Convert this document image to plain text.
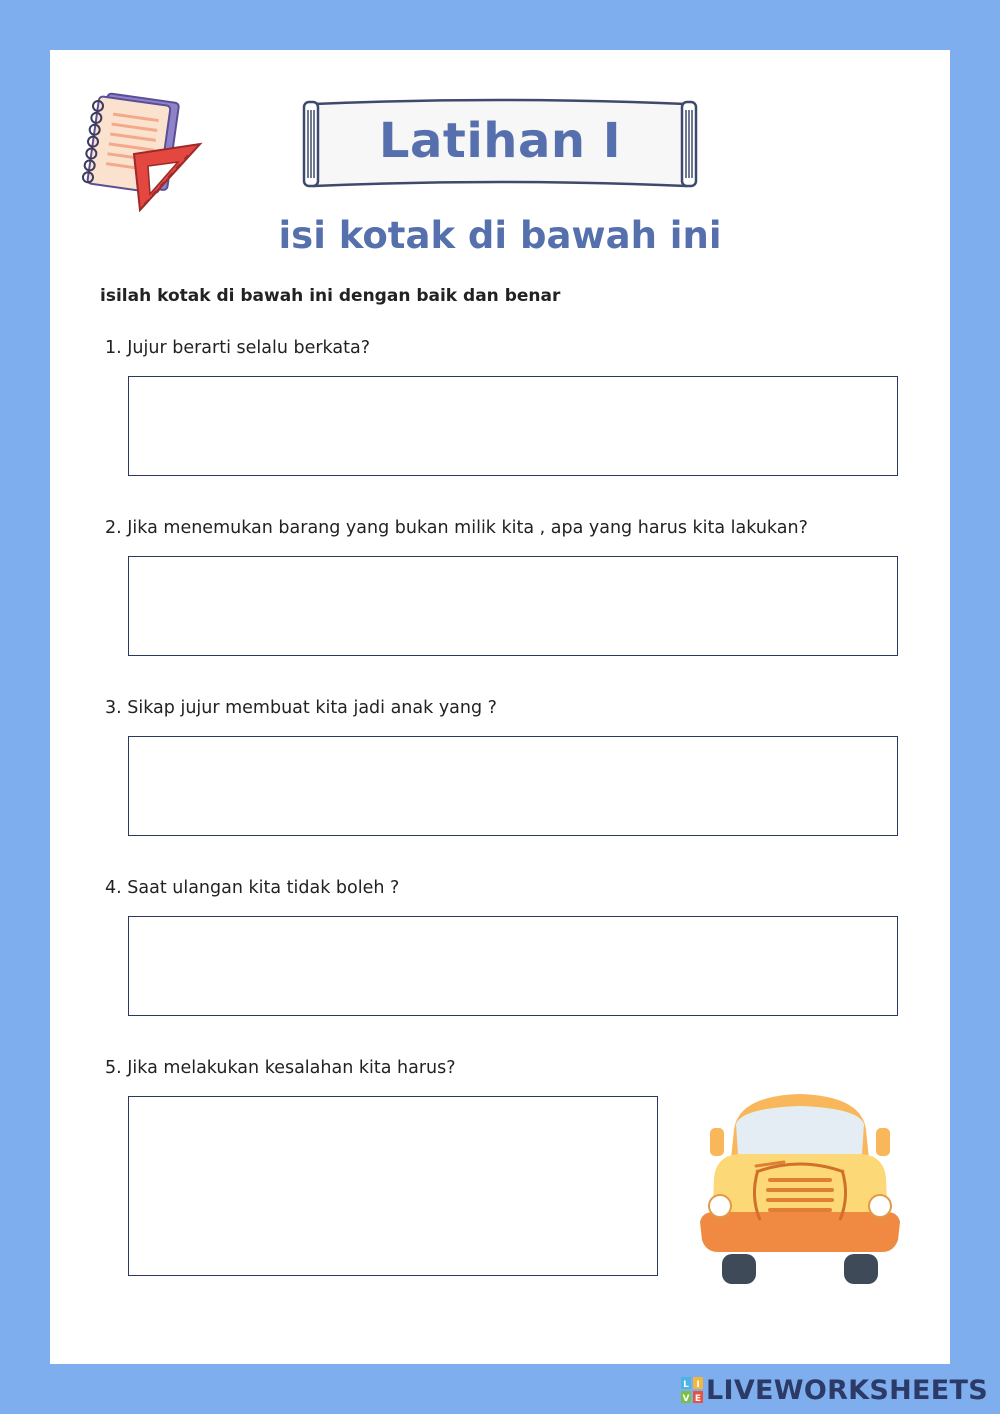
Latihan I
isi kotak di bawah ini
isilah kotak di bawah ini dengan baik dan benar
1. Jujur berarti selalu berkata?
2. Jika menemukan barang yang bukan milik kita , apa yang harus kita lakukan?
3. Sikap jujur membuat kita jadi anak yang ?
4. Saat ulangan kita tidak boleh ?
5. Jika melakukan kesalahan kita harus?
L I
V E LIVEWORKSHEETS
